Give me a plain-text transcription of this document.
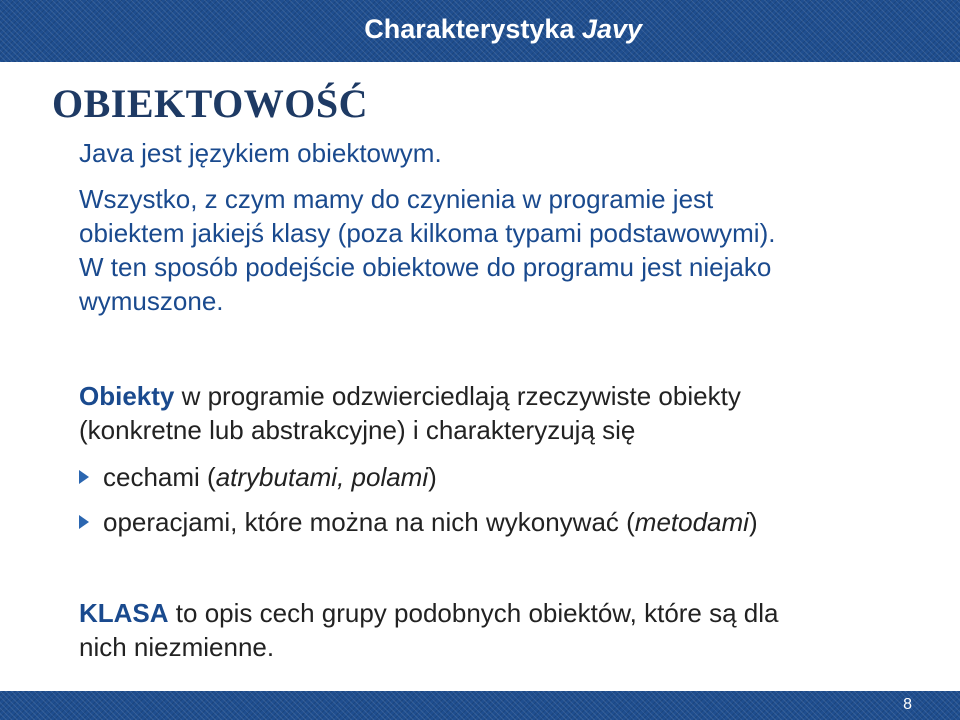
Charakterystyka Javy
OBIEKTOWOŚĆ
Java jest językiem obiektowym.
Wszystko, z czym mamy do czynienia w programie jest
obiektem jakiejś klasy (poza kilkoma typami podstawowymi).
W ten sposób podejście obiektowe do programu jest niejako
wymuszone.
Obiekty w programie odzwierciedlają rzeczywiste obiekty
(konkretne lub abstrakcyjne) i charakteryzują się
cechami (atrybutami, polami)
operacjami, które można na nich wykonywać (metodami)
KLASA to opis cech grupy podobnych obiektów, które są dla
nich niezmienne.
8
